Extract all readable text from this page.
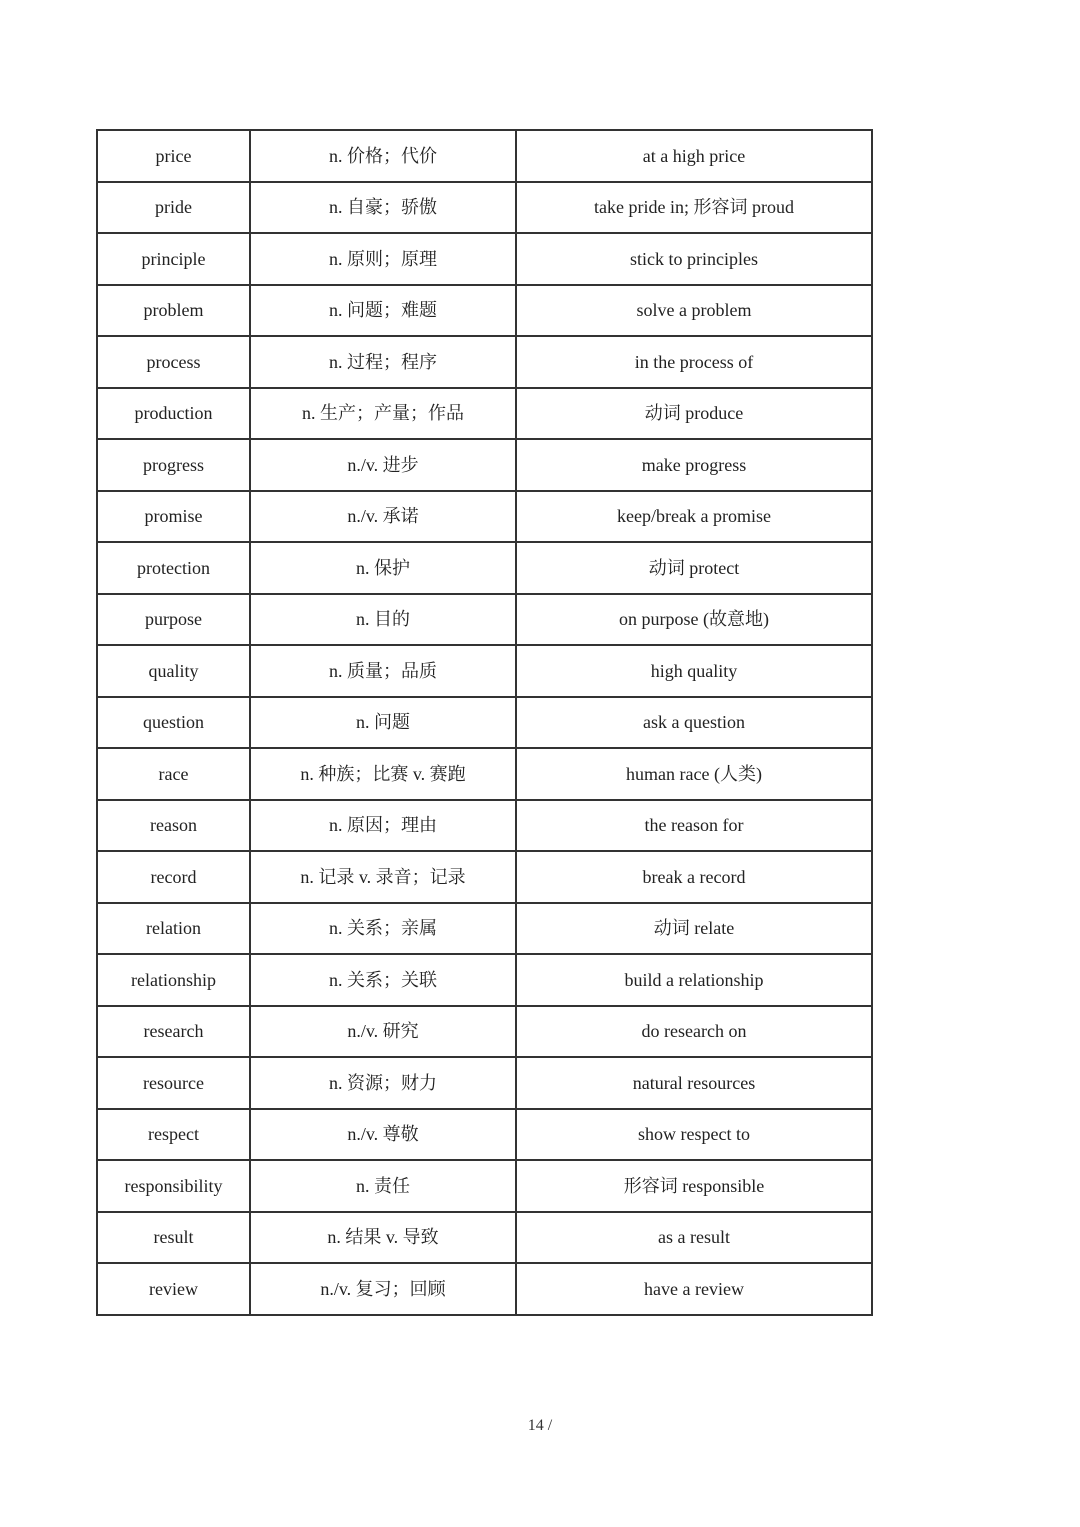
price	n. 价格；代价	at a high price
pride	n. 自豪；骄傲	take pride in; 形容词 proud
principle	n. 原则；原理	stick to principles
problem	n. 问题；难题	solve a problem
process	n. 过程；程序	in the process of
production	n. 生产；产量；作品	动词 produce
progress	n./v. 进步	make progress
promise	n./v. 承诺	keep/break a promise
protection	n. 保护	动词 protect
purpose	n. 目的	on purpose (故意地)
quality	n. 质量；品质	high quality
question	n. 问题	ask a question
race	n. 种族；比赛 v. 赛跑	human race (人类)
reason	n. 原因；理由	the reason for
record	n. 记录 v. 录音；记录	break a record
relation	n. 关系；亲属	动词 relate
relationship	n. 关系；关联	build a relationship
research	n./v. 研究	do research on
resource	n. 资源；财力	natural resources
respect	n./v. 尊敬	show respect to
responsibility	n. 责任	形容词 responsible
result	n. 结果 v. 导致	as a result
review	n./v. 复习；回顾	have a review
14 /
